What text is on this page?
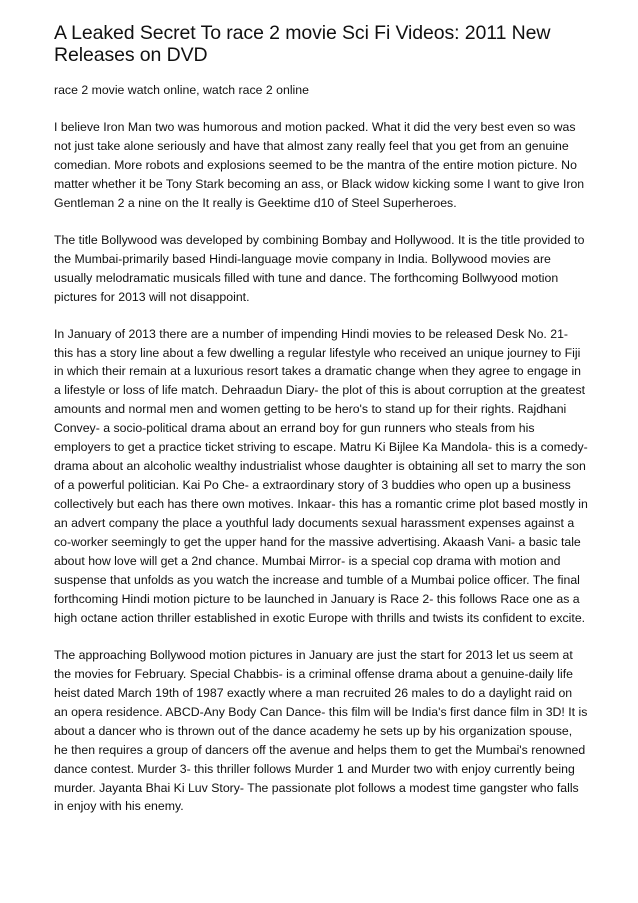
A Leaked Secret To race 2 movie Sci Fi Videos: 2011 New Releases on DVD

race 2 movie watch online, watch race 2 online

I believe Iron Man two was humorous and motion packed. What it did the very best even so was not just take alone seriously and have that almost zany really feel that you get from an genuine comedian. More robots and explosions seemed to be the mantra of the entire motion picture. No matter whether it be Tony Stark becoming an ass, or Black widow kicking some I want to give Iron Gentleman 2 a nine on the It really is Geektime d10 of Steel Superheroes.

The title Bollywood was developed by combining Bombay and Hollywood. It is the title provided to the Mumbai-primarily based Hindi-language movie company in India. Bollywood movies are usually melodramatic musicals filled with tune and dance. The forthcoming Bollwyood motion pictures for 2013 will not disappoint.

In January of 2013 there are a number of impending Hindi movies to be released Desk No. 21- this has a story line about a few dwelling a regular lifestyle who received an unique journey to Fiji in which their remain at a luxurious resort takes a dramatic change when they agree to engage in a lifestyle or loss of life match. Dehraadun Diary- the plot of this is about corruption at the greatest amounts and normal men and women getting to be hero's to stand up for their rights. Rajdhani Convey- a socio-political drama about an errand boy for gun runners who steals from his employers to get a practice ticket striving to escape. Matru Ki Bijlee Ka Mandola- this is a comedy-drama about an alcoholic wealthy industrialist whose daughter is obtaining all set to marry the son of a powerful politician. Kai Po Che- a extraordinary story of 3 buddies who open up a business collectively but each has there own motives. Inkaar- this has a romantic crime plot based mostly in an advert company the place a youthful lady documents sexual harassment expenses against a co-worker seemingly to get the upper hand for the massive advertising. Akaash Vani- a basic tale about how love will get a 2nd chance. Mumbai Mirror- is a special cop drama with motion and suspense that unfolds as you watch the increase and tumble of a Mumbai police officer. The final forthcoming Hindi motion picture to be launched in January is Race 2- this follows Race one as a high octane action thriller established in exotic Europe with thrills and twists its confident to excite.

The approaching Bollywood motion pictures in January are just the start for 2013 let us seem at the movies for February. Special Chabbis- is a criminal offense drama about a genuine-daily life heist dated March 19th of 1987 exactly where a man recruited 26 males to do a daylight raid on an opera residence. ABCD-Any Body Can Dance- this film will be India's first dance film in 3D! It is about a dancer who is thrown out of the dance academy he sets up by his organization spouse, he then requires a group of dancers off the avenue and helps them to get the Mumbai's renowned dance contest. Murder 3- this thriller follows Murder 1 and Murder two with enjoy currently being murder. Jayanta Bhai Ki Luv Story- The passionate plot follows a modest time gangster who falls in enjoy with his enemy.
